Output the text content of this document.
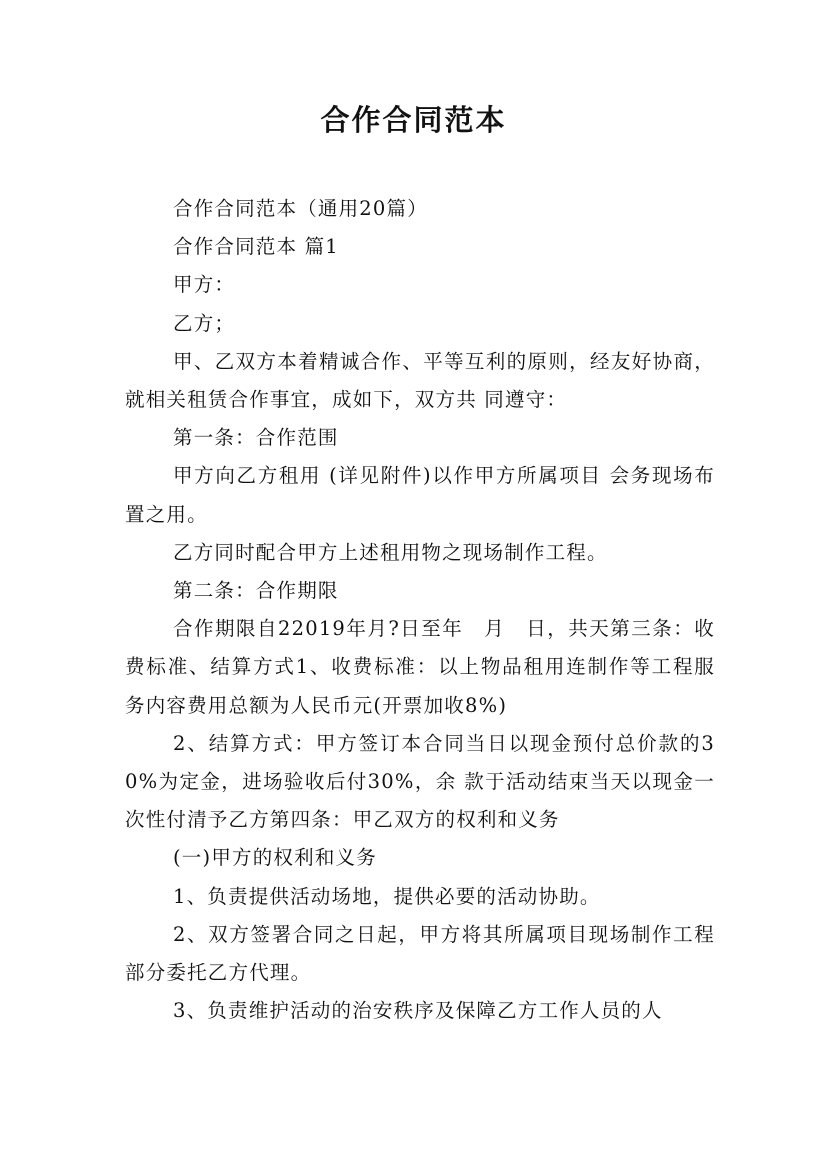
合作合同范本

合作合同范本（通用20篇）

合作合同范本 篇1

甲方：

乙方；

甲、乙双方本着精诚合作、平等互利的原则，经友好协商，就相关租赁合作事宜，成如下，双方共 同遵守：

第一条：合作范围

甲方向乙方租用 (详见附件)以作甲方所属项目 会务现场布置之用。

乙方同时配合甲方上述租用物之现场制作工程。

第二条：合作期限

合作期限自22019年月?日至年　月　日，共天第三条：收费标准、结算方式1、收费标准：以上物品租用连制作等工程服务内容费用总额为人民币元(开票加收8%)

2、结算方式：甲方签订本合同当日以现金预付总价款的30%为定金，进场验收后付30%，余 款于活动结束当天以现金一次性付清予乙方第四条：甲乙双方的权利和义务

(一)甲方的权利和义务

1、负责提供活动场地，提供必要的活动协助。

2、双方签署合同之日起，甲方将其所属项目现场制作工程部分委托乙方代理。

3、负责维护活动的治安秩序及保障乙方工作人员的人
